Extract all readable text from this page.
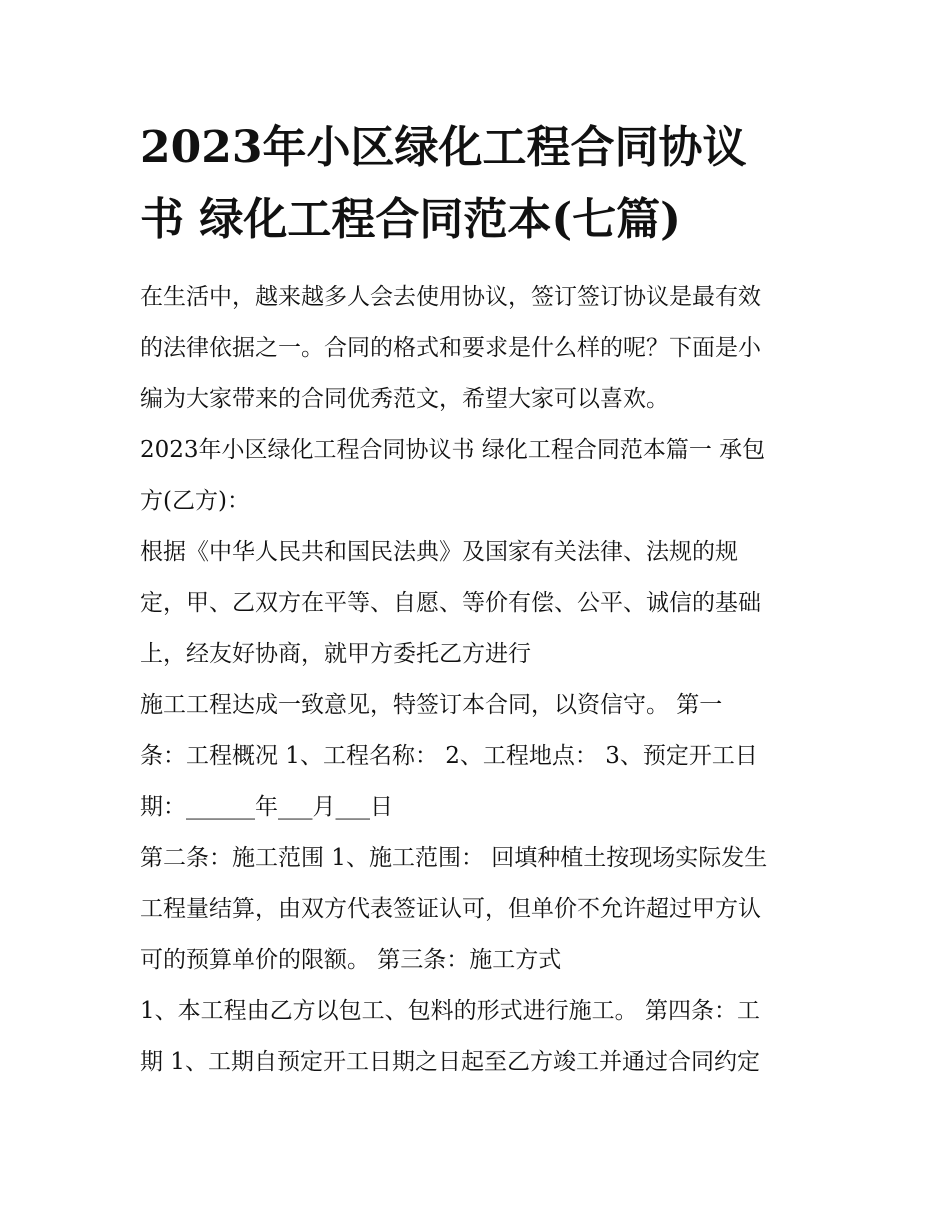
2023年小区绿化工程合同协议
书 绿化工程合同范本(七篇)

在生活中，越来越多人会去使用协议，签订签订协议是最有效
的法律依据之一。合同的格式和要求是什么样的呢？下面是小
编为大家带来的合同优秀范文，希望大家可以喜欢。

2023年小区绿化工程合同协议书 绿化工程合同范本篇一 承包
方(乙方)：

根据《中华人民共和国民法典》及国家有关法律、法规的规
定，甲、乙双方在平等、自愿、等价有偿、公平、诚信的基础
上，经友好协商，就甲方委托乙方进行

施工工程达成一致意见，特签订本合同，以资信守。 第一
条：工程概况 1、工程名称： 2、工程地点： 3、预定开工日
期：______年___月___日

第二条：施工范围 1、施工范围： 回填种植土按现场实际发生
工程量结算，由双方代表签证认可，但单价不允许超过甲方认
可的预算单价的限额。 第三条：施工方式

1、本工程由乙方以包工、包料的形式进行施工。 第四条：工
期 1、工期自预定开工日期之日起至乙方竣工并通过合同约定
